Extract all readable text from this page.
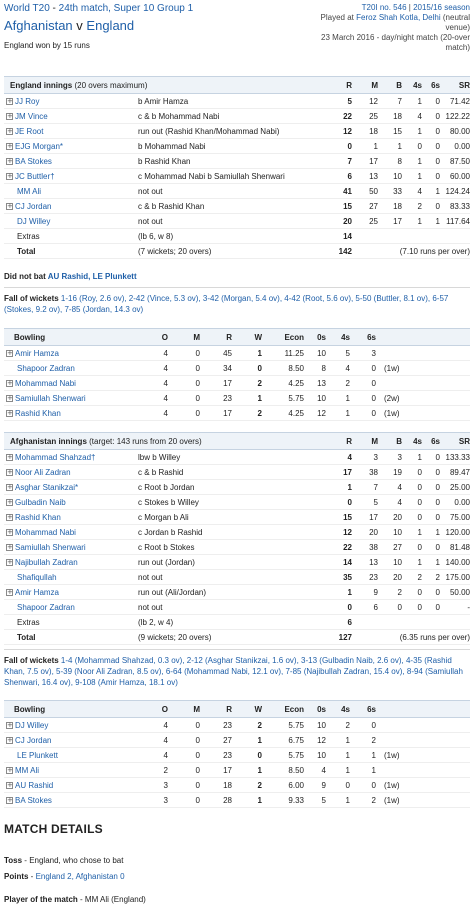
World T20 - 24th match, Super 10 Group 1
Afghanistan v England
England won by 15 runs
T20I no. 546 | 2015/16 season
Played at Feroz Shah Kotla, Delhi (neutral venue)
23 March 2016 - day/night match (20-over match)
England innings (20 overs maximum)	R	M	B	4s	6s	SR
+ JJ Roy	b Amir Hamza	5	12	7	1	0	71.42
+ JM Vince	c & b Mohammad Nabi	22	25	18	4	0 122.22
+ JE Root	run out (Rashid Khan/Mohammad Nabi)	12	18	15	1	0	80.00
+ EJG Morgan*	b Mohammad Nabi	0	1	1	0	0	0.00
+ BA Stokes	b Rashid Khan	7	17	8	1	0	87.50
+ JC Buttler†	c Mohammad Nabi b Samiullah Shenwari	6	13	10	1	0	60.00
MM Ali	not out	41	50	33	4	1 124.24
+ CJ Jordan	c & b Rashid Khan	15	27	18	2	0	83.33
DJ Willey	not out	20	25	17	1	1 117.64
Extras	(lb 6, w 8)	14
Total	(7 wickets; 20 overs)	142	(7.10 runs per over)
Did not bat AU Rashid, LE Plunkett
Fall of wickets 1-16 (Roy, 2.6 ov), 2-42 (Vince, 5.3 ov), 3-42 (Morgan, 5.4 ov), 4-42 (Root, 5.6 ov), 5-50 (Buttler, 8.1 ov), 6-57 (Stokes, 9.2 ov), 7-85 (Jordan, 14.3 ov)
Bowling	O	M	R	W	Econ	0s	4s	6s
+ Amir Hamza	4	0	45	1	11.25	10	5	3
Shapoor Zadran	4	0	34	0	8.50	8	4	0 (1w)
+ Mohammad Nabi	4	0	17	2	4.25	13	2	0
+ Samiullah Shenwari	4	0	23	1	5.75	10	1	0 (2w)
+ Rashid Khan	4	0	17	2	4.25	12	1	0 (1w)
Afghanistan innings (target: 143 runs from 20 overs)	R	M	B	4s	6s	SR
+ Mohammad Shahzad†	lbw b Willey	4	3	3	1	0 133.33
+ Noor Ali Zadran	c & b Rashid	17	38	19	0	0	89.47
+ Asghar Stanikzai*	c Root b Jordan	1	7	4	0	0	25.00
+ Gulbadin Naib	c Stokes b Willey	0	5	4	0	0	0.00
+ Rashid Khan	c Morgan b Ali	15	17	20	0	0	75.00
+ Mohammad Nabi	c Jordan b Rashid	12	20	10	1	1 120.00
+ Samiullah Shenwari	c Root b Stokes	22	38	27	0	0	81.48
+ Najibullah Zadran	run out (Jordan)	14	13	10	1	1 140.00
Shafiqullah	not out	35	23	20	2	2 175.00
+ Amir Hamza	run out (Ali/Jordan)	1	9	2	0	0	50.00
Shapoor Zadran	not out	0	6	0	0	0	-
Extras	(lb 2, w 4)	6
Total	(9 wickets; 20 overs)	127	(6.35 runs per over)
Fall of wickets 1-4 (Mohammad Shahzad, 0.3 ov), 2-12 (Asghar Stanikzai, 1.6 ov), 3-13 (Gulbadin Naib, 2.6 ov), 4-35 (Rashid Khan, 7.5 ov), 5-39 (Noor Ali Zadran, 8.5 ov), 6-64 (Mohammad Nabi, 12.1 ov), 7-85 (Najibullah Zadran, 15.4 ov), 8-94 (Samiullah Shenwari, 16.4 ov), 9-108 (Amir Hamza, 18.1 ov)
Bowling	O	M	R	W	Econ	0s	4s	6s
+ DJ Willey	4	0	23	2	5.75	10	2	0
+ CJ Jordan	4	0	27	1	6.75	12	1	2
LE Plunkett	4	0	23	0	5.75	10	1	1 (1w)
+ MM Ali	2	0	17	1	8.50	4	1	1
+ AU Rashid	3	0	18	2	6.00	9	0	0 (1w)
+ BA Stokes	3	0	28	1	9.33	5	1	2 (1w)
MATCH DETAILS
Toss - England, who chose to bat
Points - England 2, Afghanistan 0
Player of the match - MM Ali (England)
